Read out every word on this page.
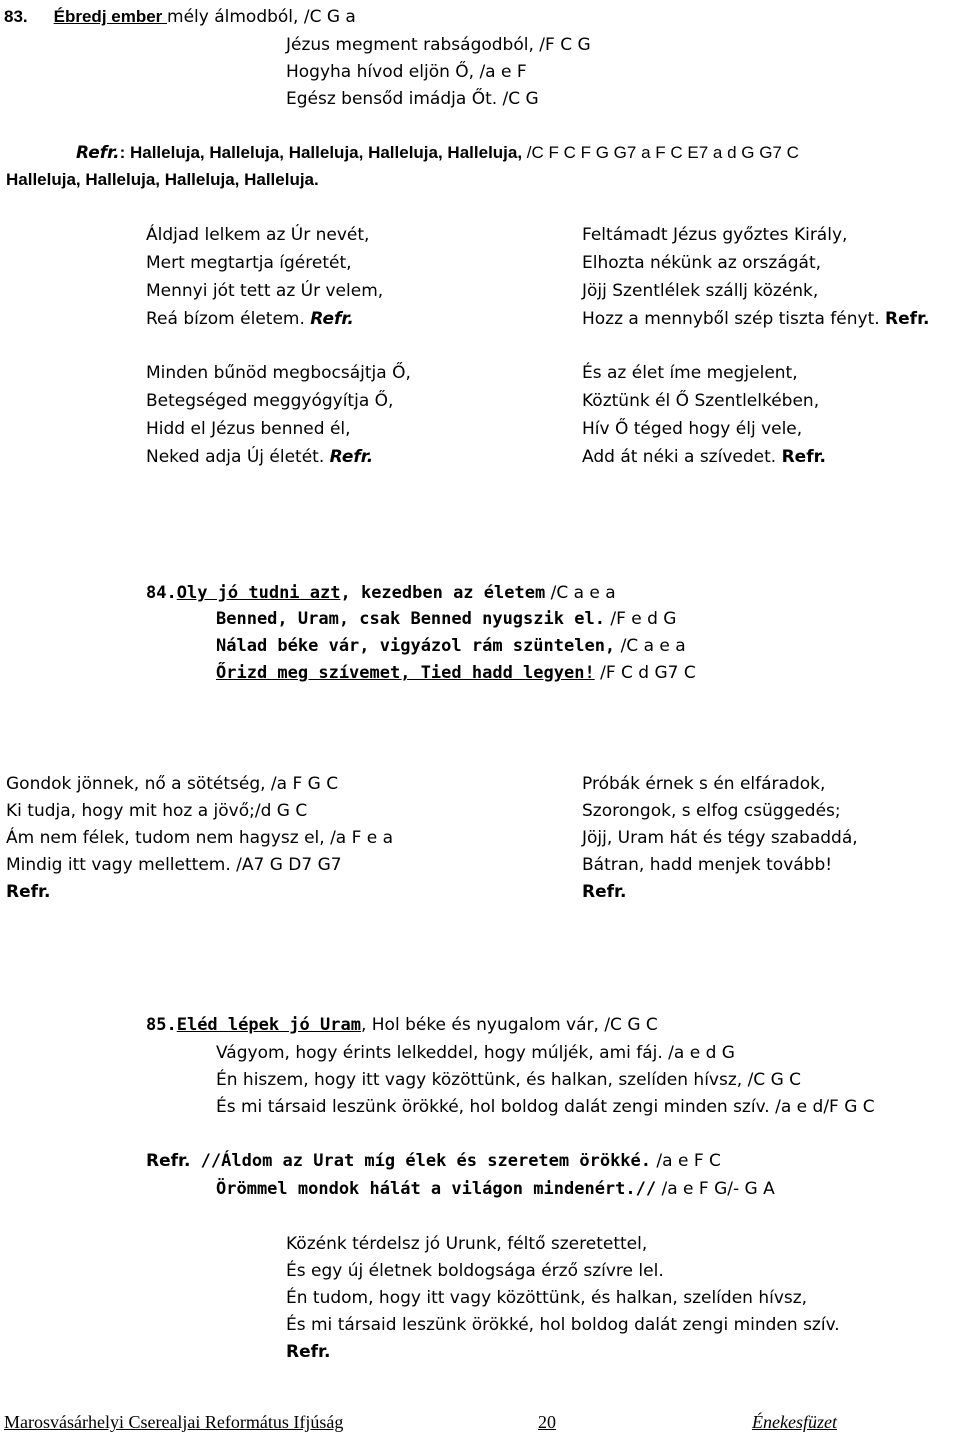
83. Ébredj ember mély álmodból, /C G a
Jézus megment rabságodból, /F C G
Hogyha hívod eljön Ő, /a e F
Egész bensőd imádja Őt. /C G
Refr.: Halleluja, Halleluja, Halleluja, Halleluja, Halleluja, /C F C F G G7 a F C E7 a d G G7 C
Halleluja, Halleluja, Halleluja, Halleluja.
Áldjad lelkem az Úr nevét,
Mert megtartja ígéretét,
Mennyi jót tett az Úr velem,
Reá bízom életem. Refr.
Minden bűnöd megbocsájtja Ő,
Betegséged meggyógyítja Ő,
Hidd el Jézus benned él,
Neked adja Új életét. Refr.
Feltámadt Jézus győztes Király,
Elhozta nékünk az országát,
Jöjj Szentlélek szállj közénk,
Hozz a mennyből szép tiszta fényt. Refr.
És az élet íme megjelent,
Köztünk él Ő Szentlelkében,
Hív Ő téged hogy élj vele,
Add át néki a szívedet. Refr.
84.Oly jó tudni azt, kezedben az életem /C a e a
Benned, Uram, csak Benned nyugszik el. /F e d G
Nálad béke vár, vigyázol rám szüntelen, /C a e a
Őrizd meg szívemet, Tied hadd legyen! /F C d G7 C
Gondok jönnek, nő a sötétség, /a F G C
Ki tudja, hogy mit hoz a jövő;/d G C
Ám nem félek, tudom nem hagysz el, /a F e a
Mindig itt vagy mellettem. /A7 G D7 G7
Refr.
Próbák érnek s én elfáradok,
Szorongok, s elfog csüggedés;
Jöjj, Uram hát és tégy szabaddá,
Bátran, hadd menjek tovább!
Refr.
85.Eléd lépek jó Uram, Hol béke és nyugalom vár, /C G C
Vágyom, hogy érints lelkeddel, hogy múljék, ami fáj. /a e d G
Én hiszem, hogy itt vagy közöttünk, és halkan, szelíden hívsz, /C G C
És mi társaid leszünk örökké, hol boldog dalát zengi minden szív. /a e d/F G C
Refr. //Áldom az Urat míg élek és szeretem örökké. /a e F C
Örömmel mondok hálát a világon mindenért.// /a e F G/- G A
Közénk térdelsz jó Urunk, féltő szeretettel,
És egy új életnek boldogsága érző szívre lel.
Én tudom, hogy itt vagy közöttünk, és halkan, szelíden hívsz,
És mi társaid leszünk örökké, hol boldog dalát zengi minden szív.
Refr.
Marosvásárhelyi Cserealjai Református Ifjúság	20	Énekesfüzet
